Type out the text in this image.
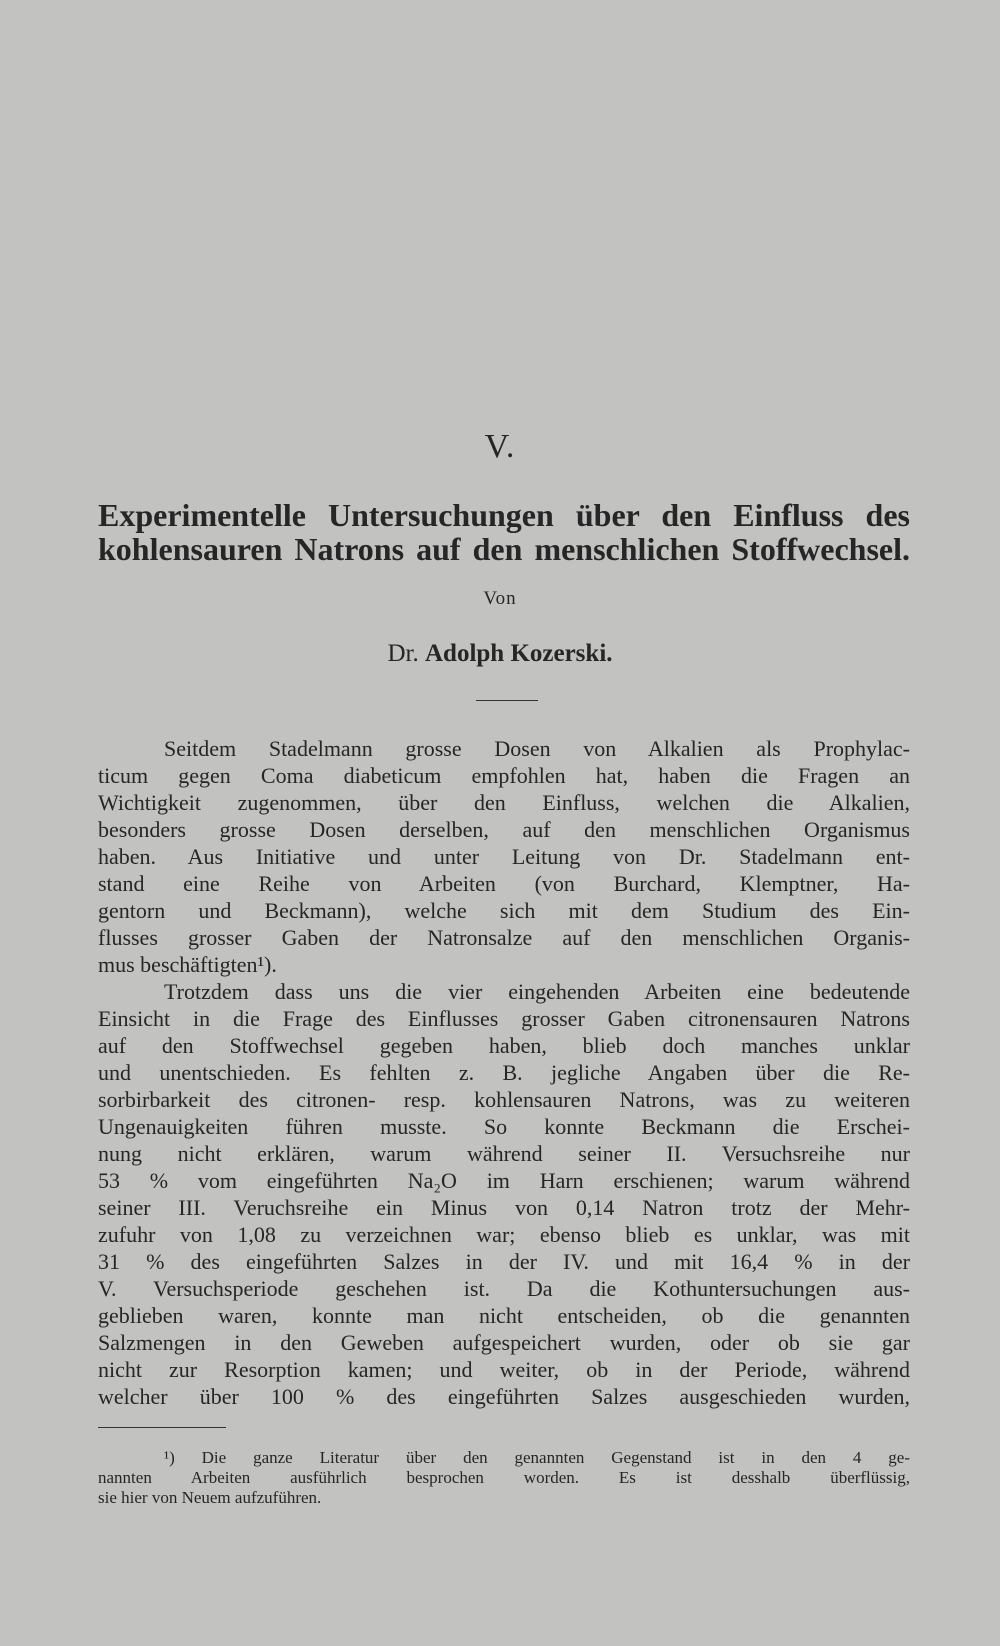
V.
Experimentelle Untersuchungen über den Einfluss des
kohlensauren Natrons auf den menschlichen Stoffwechsel.
Von
Dr. Adolph Kozerski.
Seitdem Stadelmann grosse Dosen von Alkalien als Prophylac-
ticum gegen Coma diabeticum empfohlen hat, haben die Fragen an
Wichtigkeit zugenommen, über den Einfluss, welchen die Alkalien,
besonders grosse Dosen derselben, auf den menschlichen Organismus
haben. Aus Initiative und unter Leitung von Dr. Stadelmann ent-
stand eine Reihe von Arbeiten (von Burchard, Klemptner, Ha-
gentorn und Beckmann), welche sich mit dem Studium des Ein-
flusses grosser Gaben der Natronsalze auf den menschlichen Organis-
mus beschäftigten¹).
Trotzdem dass uns die vier eingehenden Arbeiten eine bedeutende
Einsicht in die Frage des Einflusses grosser Gaben citronensauren Natrons
auf den Stoffwechsel gegeben haben, blieb doch manches unklar
und unentschieden. Es fehlten z. B. jegliche Angaben über die Re-
sorbirbarkeit des citronen- resp. kohlensauren Natrons, was zu weiteren
Ungenauigkeiten führen musste. So konnte Beckmann die Erschei-
nung nicht erklären, warum während seiner II. Versuchsreihe nur
53 % vom eingeführten Na₂O im Harn erschienen; warum während
seiner III. Veruchsreihe ein Minus von 0,14 Natron trotz der Mehr-
zufuhr von 1,08 zu verzeichnen war; ebenso blieb es unklar, was mit
31 % des eingeführten Salzes in der IV. und mit 16,4 % in der
V. Versuchsperiode geschehen ist. Da die Kothuntersuchungen aus-
geblieben waren, konnte man nicht entscheiden, ob die genannten
Salzmengen in den Geweben aufgespeichert wurden, oder ob sie gar
nicht zur Resorption kamen; und weiter, ob in der Periode, während
welcher über 100 % des eingeführten Salzes ausgeschieden wurden,
¹) Die ganze Literatur über den genannten Gegenstand ist in den 4 ge-
nannten Arbeiten ausführlich besprochen worden. Es ist desshalb überflüssig,
sie hier von Neuem aufzuführen.
